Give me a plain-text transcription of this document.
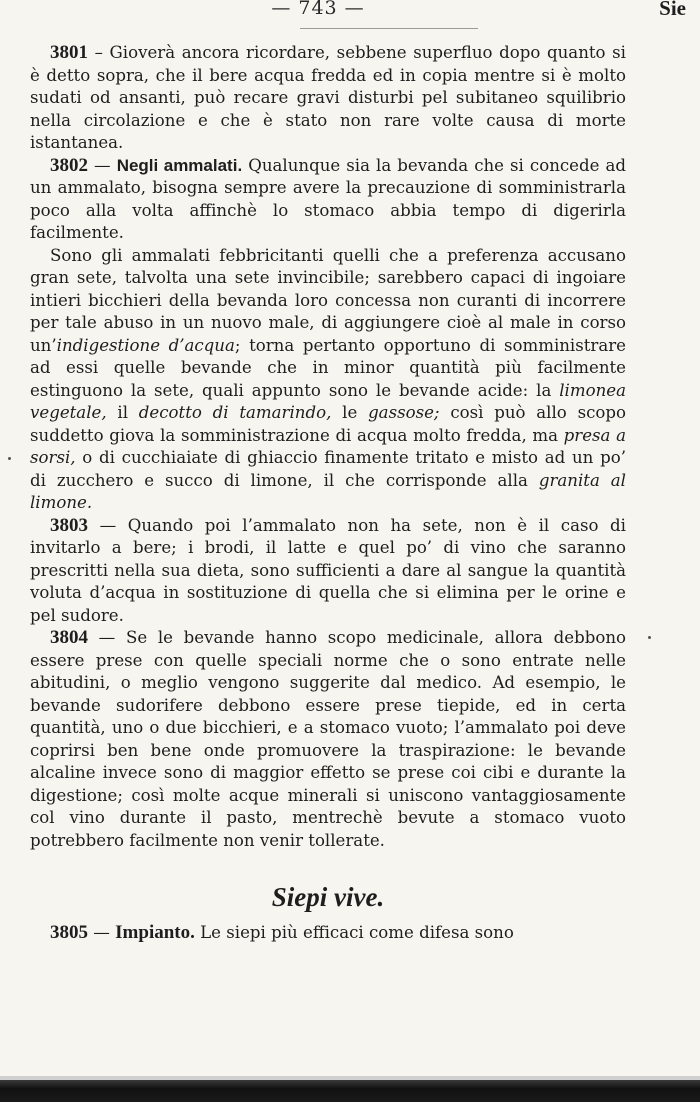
— 743 —	Sie

3801 – Gioverà ancora ricordare, sebbene superfluo dopo quanto si è detto sopra, che il bere acqua fredda ed in copia mentre si è molto sudati od ansanti, può recare gravi disturbi pel subitaneo squilibrio nella circolazione e che è stato non rare volte causa di morte istantanea.

3802 — Negli ammalati. Qualunque sia la bevanda che si concede ad un ammalato, bisogna sempre avere la precauzione di somministrarla poco alla volta affinchè lo stomaco abbia tempo di digerirla facilmente.

Sono gli ammalati febbricitanti quelli che a preferenza accusano gran sete, talvolta una sete invincibile; sarebbero capaci di ingoiare intieri bicchieri della bevanda loro concessa non curanti di incorrere per tale abuso in un nuovo male, di aggiungere cioè al male in corso un’indigestione d’acqua; torna pertanto opportuno di somministrare ad essi quelle bevande che in minor quantità più facilmente estinguono la sete, quali appunto sono le bevande acide: la limonea vegetale, il decotto di tamarindo, le gassose; così può allo scopo suddetto giova la somministrazione di acqua molto fredda, ma presa a sorsi, o di cucchiaiate di ghiaccio finamente tritato e misto ad un po’ di zucchero e succo di limone, il che corrisponde alla granita al limone.

3803 — Quando poi l’ammalato non ha sete, non è il caso di invitarlo a bere; i brodi, il latte e quel po’ di vino che saranno prescritti nella sua dieta, sono sufficienti a dare al sangue la quantità voluta d’acqua in sostituzione di quella che si elimina per le orine e pel sudore.

3804 — Se le bevande hanno scopo medicinale, allora debbono essere prese con quelle speciali norme che o sono entrate nelle abitudini, o meglio vengono suggerite dal medico. Ad esempio, le bevande sudorifere debbono essere prese tiepide, ed in certa quantità, uno o due bicchieri, e a stomaco vuoto; l’ammalato poi deve coprirsi ben bene onde promuovere la traspirazione: le bevande alcaline invece sono di maggior effetto se prese coi cibi e durante la digestione; così molte acque minerali si uniscono vantaggiosamente col vino durante il pasto, mentrechè bevute a stomaco vuoto potrebbero facilmente non venir tollerate.

Siepi vive.

3805 — Impianto. Le siepi più efficaci come difesa sono
